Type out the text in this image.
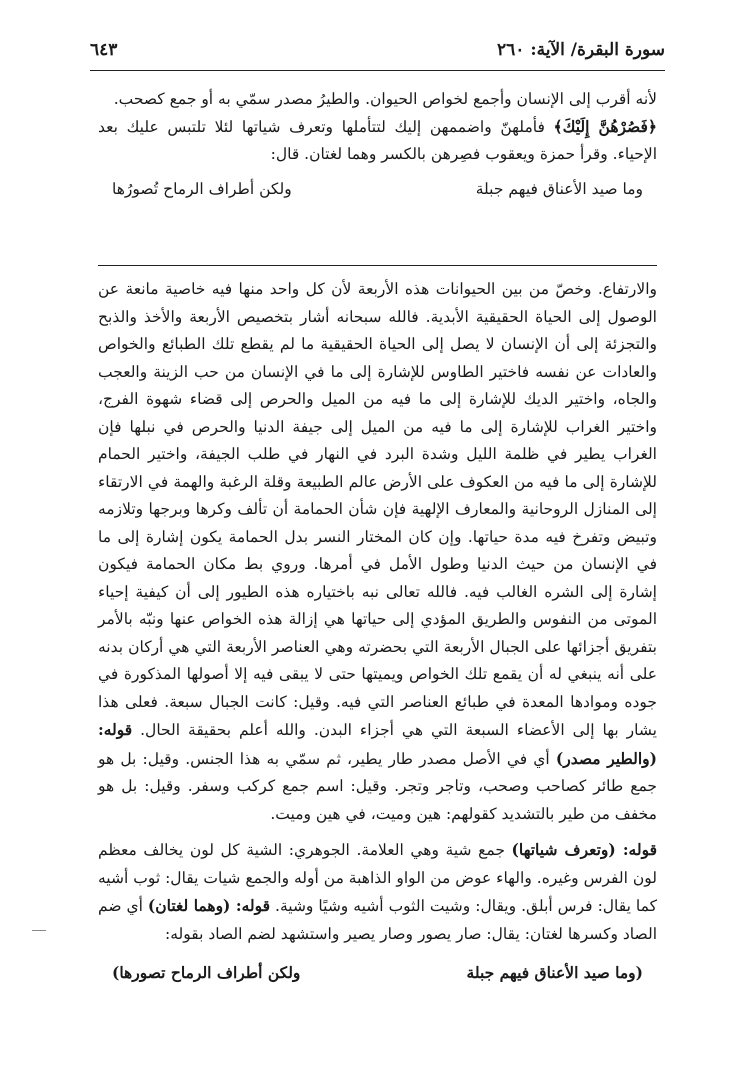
سورة البقرة/ الآية: ٢٦٠
٦٤٣

لأنه أقرب إلى الإنسان وأجمع لخواص الحيوان. والطيرُ مصدر سمّي به أو جمع كصحب.

﴿فَصُرْهُنَّ إِلَيْكَ﴾ فأملهنّ واضممهن إليك لتتأملها وتعرف شياتها لئلا تلتبس عليك بعد الإحياء. وقرأ حمزة ويعقوب فصِرهن بالكسر وهما لغتان. قال:

وما صيد الأعناق فيهم جبلة
ولكن أطراف الرماح تُصورُها

والارتفاع. وخصّ من بين الحيوانات هذه الأربعة لأن كل واحد منها فيه خاصية مانعة عن الوصول إلى الحياة الحقيقية الأبدية. فالله سبحانه أشار بتخصيص الأربعة والأخذ والذبح والتجزئة إلى أن الإنسان لا يصل إلى الحياة الحقيقية ما لم يقطع تلك الطبائع والخواص والعادات عن نفسه فاختير الطاوس للإشارة إلى ما في الإنسان من حب الزينة والعجب والجاه، واختير الديك للإشارة إلى ما فيه من الميل والحرص إلى قضاء شهوة الفرج، واختير الغراب للإشارة إلى ما فيه من الميل إلى جيفة الدنيا والحرص في نبلها فإن الغراب يطير في ظلمة الليل وشدة البرد في النهار في طلب الجيفة، واختير الحمام للإشارة إلى ما فيه من العكوف على الأرض عالم الطبيعة وقلة الرغبة والهمة في الارتقاء إلى المنازل الروحانية والمعارف الإلهية فإن شأن الحمامة أن تألف وكرها وبرجها وتلازمه وتبيض وتفرخ فيه مدة حياتها. وإن كان المختار النسر بدل الحمامة يكون إشارة إلى ما في الإنسان من حيث الدنيا وطول الأمل في أمرها. وروي بط مكان الحمامة فيكون إشارة إلى الشره الغالب فيه. فالله تعالى نبه باختياره هذه الطيور إلى أن كيفية إحياء الموتى من النفوس والطريق المؤدي إلى حياتها هي إزالة هذه الخواص عنها ونبّه بالأمر بتفريق أجزائها على الجبال الأربعة التي بحضرته وهي العناصر الأربعة التي هي أركان بدنه على أنه ينبغي له أن يقمع تلك الخواص ويميتها حتى لا يبقى فيه إلا أصولها المذكورة في جوده وموادها المعدة في طبائع العناصر التي فيه. وقيل: كانت الجبال سبعة. فعلى هذا يشار بها إلى الأعضاء السبعة التي هي أجزاء البدن. والله أعلم بحقيقة الحال. قوله: (والطير مصدر) أي في الأصل مصدر طار يطير، ثم سمّي به هذا الجنس. وقيل: بل هو جمع طائر كصاحب وصحب، وتاجر وتجر. وقيل: اسم جمع كركب وسفر. وقيل: بل هو مخفف من طير بالتشديد كقولهم: هين وميت، في هين وميت.

قوله: (وتعرف شياتها) جمع شية وهي العلامة. الجوهري: الشية كل لون يخالف معظم لون الفرس وغيره. والهاء عوض من الواو الذاهبة من أوله والجمع شيات يقال: ثوب أشيه كما يقال: فرس أبلق. ويقال: وشيت الثوب أشيه وشيًا وشية. قوله: (وهما لغتان) أي ضم الصاد وكسرها لغتان: يقال: صار يصور وصار يصير واستشهد لضم الصاد بقوله:

(وما صيد الأعناق فيهم جبلة
ولكن أطراف الرماح تصورها)
